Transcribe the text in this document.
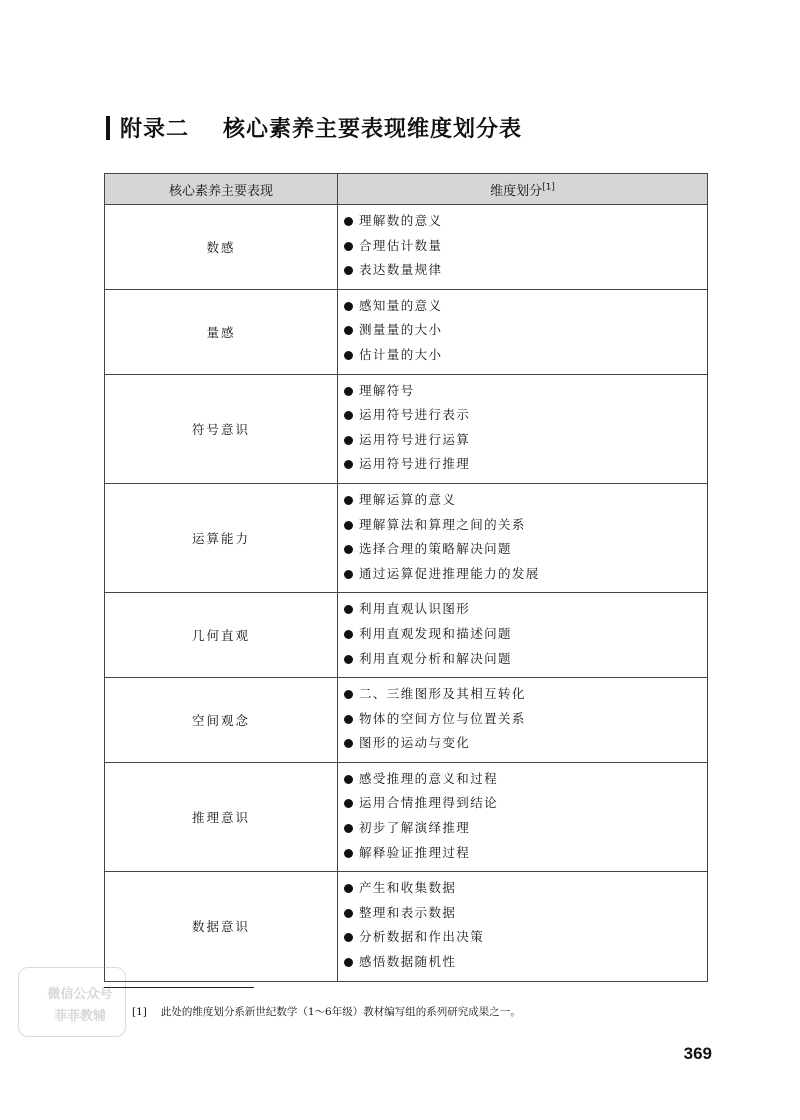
附录二 核心素养主要表现维度划分表
核心素养主要表现	维度划分[1]
数感	理解数的意义
合理估计数量
表达数量规律

量感	感知量的意义
测量量的大小
估计量的大小

符号意识	理解符号
运用符号进行表示
运用符号进行运算
运用符号进行推理

运算能力	理解运算的意义
理解算法和算理之间的关系
选择合理的策略解决问题
通过运算促进推理能力的发展

几何直观	利用直观认识图形
利用直观发现和描述问题
利用直观分析和解决问题

空间观念	二、三维图形及其相互转化
物体的空间方位与位置关系
图形的运动与变化

推理意识	感受推理的意义和过程
运用合情推理得到结论
初步了解演绎推理
解释验证推理过程

数据意识	产生和收集数据
整理和表示数据
分析数据和作出决策
感悟数据随机性
微信公众号
菲菲教辅	[1] 此处的维度划分系新世纪数学（1～6年级）教材编写组的系列研究成果之一。
369
